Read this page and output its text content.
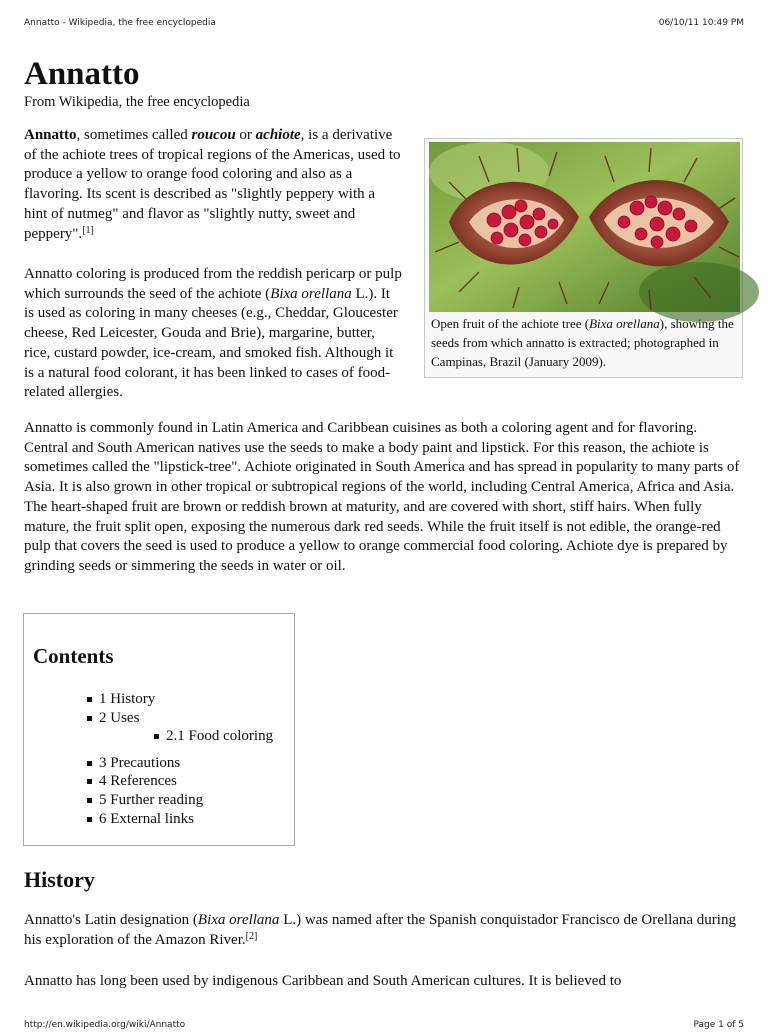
Annatto - Wikipedia, the free encyclopedia	06/10/11 10:49 PM
Annatto
From Wikipedia, the free encyclopedia

Annatto, sometimes called roucou or achiote, is a derivative of the achiote trees of tropical regions of the Americas, used to produce a yellow to orange food coloring and also as a flavoring. Its scent is described as "slightly peppery with a hint of nutmeg" and flavor as "slightly nutty, sweet and peppery".[1]

Annatto coloring is produced from the reddish pericarp or pulp which surrounds the seed of the achiote (Bixa orellana L.). It is used as coloring in many cheeses (e.g., Cheddar, Gloucester cheese, Red Leicester, Gouda and Brie), margarine, butter, rice, custard powder, ice-cream, and smoked fish. Although it is a natural food colorant, it has been linked to cases of food-related allergies.

Open fruit of the achiote tree (Bixa orellana), showing the seeds from which annatto is extracted; photographed in Campinas, Brazil (January 2009).

Annatto is commonly found in Latin America and Caribbean cuisines as both a coloring agent and for flavoring. Central and South American natives use the seeds to make a body paint and lipstick. For this reason, the achiote is sometimes called the "lipstick-tree". Achiote originated in South America and has spread in popularity to many parts of Asia. It is also grown in other tropical or subtropical regions of the world, including Central America, Africa and Asia. The heart-shaped fruit are brown or reddish brown at maturity, and are covered with short, stiff hairs. When fully mature, the fruit split open, exposing the numerous dark red seeds. While the fruit itself is not edible, the orange-red pulp that covers the seed is used to produce a yellow to orange commercial food coloring. Achiote dye is prepared by grinding seeds or simmering the seeds in water or oil.

Contents
1 History
2 Uses
2.1 Food coloring
3 Precautions
4 References
5 Further reading
6 External links
History

Annatto's Latin designation (Bixa orellana L.) was named after the Spanish conquistador Francisco de Orellana during his exploration of the Amazon River.[2]

Annatto has long been used by indigenous Caribbean and South American cultures. It is believed to

http://en.wikipedia.org/wiki/Annatto	Page 1 of 5
